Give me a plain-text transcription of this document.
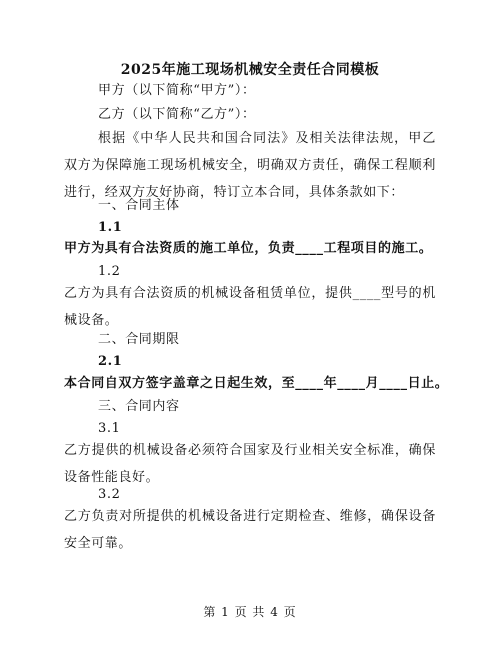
2025年施工现场机械安全责任合同模板
甲方（以下简称“甲方”）：
乙方（以下简称“乙方”）：
根据《中华人民共和国合同法》及相关法律法规，甲乙双方为保障施工现场机械安全，明确双方责任，确保工程顺利进行，经双方友好协商，特订立本合同，具体条款如下：
一、合同主体
1.1
甲方为具有合法资质的施工单位，负责____工程项目的施工。
1.2
乙方为具有合法资质的机械设备租赁单位，提供____型号的机械设备。
二、合同期限
2.1
本合同自双方签字盖章之日起生效，至____年____月____日止。
三、合同内容
3.1
乙方提供的机械设备必须符合国家及行业相关安全标准，确保设备性能良好。
3.2
乙方负责对所提供的机械设备进行定期检查、维修，确保设备安全可靠。
第 1 页 共 4 页
